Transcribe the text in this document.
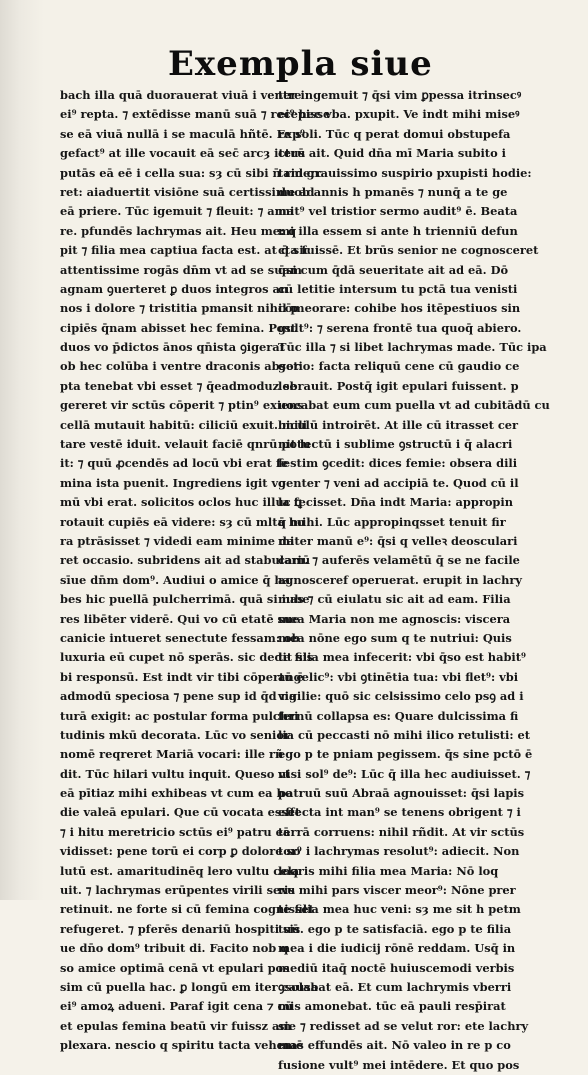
Exempla siue
bach illa quā duorauerat viuā i ventre
ei⁹ repta. ⁊ extēdisse manū suā ⁊ recepisse
se eā viuā nullā i se maculā hñtē. Exp⁹
gefact⁹ at ille vocauit eā sec̄ arcȝ iterū
putās eā eē i cella sua: sȝ cū sibi n̄ riderc
ret: aiaduertit visiōne suā certissime ad
eā priere. Tūc igemuit ⁊ fleuit: ⁊ ama
re. pfundēs lachrymas ait. Heu me: q
pit ⁊ filia mea captiua facta est. at q̄ sic
attentissime rogās dn̄m vt ad se suam
agnam ꝯuerteret ꝑ duos integros an
nos i dolore ⁊ tristitia pmansit nihil p
cipiēs q̄nam abisset hec femina. Post
duos vo p̄dictos ānos qn̄ista ꝯigerat
ob hec colūba i ventre draconis absor
pta tenebat vbi esset ⁊ q̄eadmoduz se
gereret vir sctūs cōperit ⁊ ptin⁹ exiens
cellā mutauit habitū: ciliciū exuit. mili
tare vestē iduit. velauit faciē qnrū potu
it: ⁊ quū ꝓcendēs ad locū vbi erat fe
mina ista puenit. Ingrediens igit vo
mū vbi erat. solicitos oclos huc illuc ꝗ
rotauit cupiēs eā videre: sȝ cū mlta ho
ra ptrāsisset ⁊ videdi eam minime da
ret occasio. subridens ait ad stabulariū
sīue dn̄m dom⁹. Audiui o amice q̄ ha
bes hic puellā pulcherrimā. quā si iube
res libēter viderē. Qui vo cū etatē sue
canicie intueret senectute fessam: ob
luxuria eū cupet nō sperās. sic dedit sis
bi responsū. Est indt vir tibi cōpertū ē
admodū speciosa ⁊ pene sup id q̄d na
turā exigit: ac postular forma pulchri
tudinis mkū decorata. Lūc vo senior
nomē reqreret Mariā vocari: ille rñ
dit. Tūc hilari vultu inquit. Queso vt
eā pītiaz mihi exhibeas vt cum ea ho
die valeā epulari. Que cū vocata esset
⁊ i hitu meretricio sctūs ei⁹ patru eā
vidisset: pene torū ei corp ꝑ dolore so
lutū est. amaritudinēq lero vultu cela
uit. ⁊ lachrymas erūpentes virili sexu
retinuit. ne forte si cū femina cognisset
refugeret. ⁊ pferēs denariū hospiti sis
ue dn̄o dom⁹ tribuit di. Facito nob q
so amice optimā cenā vt epulari pos
sim cū puella hac. ꝑ longū em iter causa
ei⁹ amoꝝ adueni. Paraf igit cena ⁊ cū
et epulas femina beatū vir fuissz am
plexara. nescio q spiritu tacta vehemē
ter ingemuit ⁊ q̄si vim ꝑpessa itrinsecꝰ
ei⁹ hec vba. pxupit. Ve indt mihi miseꝰ
re soli. Tūc q perat domui obstupefa
ctus ait. Quid dn̄a mī Maria subito i
tam grauissimo suspirio pxupisti hodie:
duob annis h pmanēs ⁊ nunq̄ a te ge
mit⁹ vel tristior sermo audit⁹ ē. Beata
mi illa essem si ante h trienniū defun
cta fuissē. Et brūs senior ne cognosceret
q̄si cum q̄dā seueritate ait ad eā. Dō
cū letitie intersum tu pctā tua venisti
cōmeorare: cohibe hos itēpestiuos sin
gult⁹: ⁊ serena frontē tua quoq̄ abiero.
Tūc illa ⁊ si libet lachrymas made. Tūc ipa
getio: facta reliquū cene cū gaudio ce
lebrauit. Postq̄ igit epulari fuissent. p
uocabat eum cum puella vt ad cubitādū cu
biculū introirēt. At ille cū itrasset cer
nit lectū i sublime ꝯstructū i q̄ alacri
festim ꝯcedit: dices femie: obsera dili
genter ⁊ veni ad accipiā te. Quod cū il
la fecisset. Dn̄a indt Maria: appropin
q̄ mihi. Lūc appropinqsset tenuit fir
miter manū e⁹: q̄si q velleꝛ deosculari
cam. ⁊ auferēs velamētū q̄ se ne facile
agnosceref operuerat. erupit in lachry
mas ⁊ cū eiulatu sic ait ad eam. Filia
mea Maria non me agnoscis: viscera
mea nōne ego sum q te nutriui: Quis
te filia mea infecerit: vbi q̄so est habit⁹
angelic⁹: vbi ꝯtinētia tua: vbi flet⁹: vbi
vigilie: quō sic celsissimo celo psꝯ ad i
fernū collapsa es: Quare dulcissima fi
lia cū peccasti nō mihi ilico retulisti: et
ego p te pniam pegissem. q̄s sine pctō ē
nisi sol⁹ de⁹: Lūc q̄ illa hec audiuisset. ⁊
patruū suū Abraā agnouisset: q̄si lapis
effecta int man⁹ se tenens obrigent ⁊ i
terrā corruens: nihil rñdit. At vir sctūs
tor⁹ i lachrymas resolut⁹: adiecit. Non
loqris mihi filia mea Maria: Nō loq
ris mihi pars viscer meor⁹: Nōne prer
te filia mea huc veni: sȝ me sit h petm
tuū. ego p te satisfaciā. ego p te filia
mea i die iudicij rōnē reddam. Usq̄ in
mediū itaq̄ noctē huiuscemodi verbis
ꝯsolabat eā. Et cum lachrymis vberri
mis amonebat. tūc eā pauli resp̄irat
sie ⁊ redisset ad se velut ror: ete lachry
mas effundēs ait. Nō valeo in re p co
fusione vult⁹ mei intēdere. Et quo pos
